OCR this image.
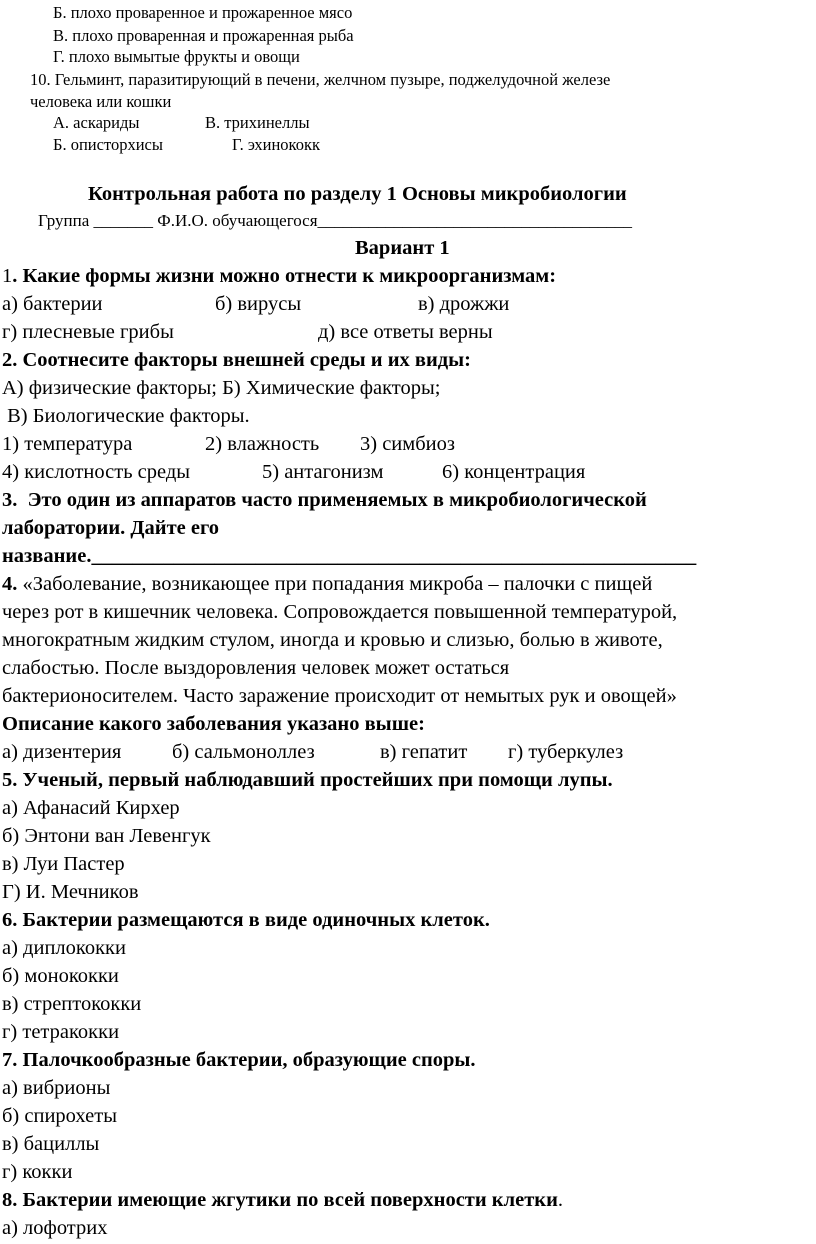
Б. плохо проваренное и прожаренное мясо
В. плохо проваренная и прожаренная рыба
Г. плохо вымытые фрукты и овощи
10. Гельминт, паразитирующий в печени, желчном пузыре, поджелудочной железе
человека или кошки
А. аскариды	В. трихинеллы
Б. описторхисы	Г. эхинококк
Контрольная работа по разделу 1 Основы микробиологии
Группа _______ Ф.И.О. обучающегося_____________________________________
Вариант 1
1. Какие формы жизни можно отнести к микроорганизмам:
а) бактерии	б) вирусы	в) дрожжи
г) плесневые грибы	д) все ответы верны
2. Соотнесите факторы внешней среды и их виды:
А) физические факторы; Б) Химические факторы;
В) Биологические факторы.
1) температура	2) влажность 3) симбиоз
4) кислотность среды	5) антагонизм	6) концентрация
3.  Это один из аппаратов часто применяемых в микробиологической
лаборатории. Дайте его
название.___________________________________________________________
4. «Заболевание, возникающее при попадания микроба – палочки с пищей
через рот в кишечник человека. Сопровождается повышенной температурой,
многократным жидким стулом, иногда и кровью и слизью, болью в животе,
слабостью. После выздоровления человек может остаться
бактерионосителем. Часто заражение происходит от немытых рук и овощей»
Описание какого заболевания указано выше:
а) дизентерия б) сальмоноллез	в) гепатит г) туберкулез
5. Ученый, первый наблюдавший простейших при помощи лупы.
а) Афанасий Кирхер
б) Энтони ван Левенгук
в) Луи Пастер
Г) И. Мечников
6. Бактерии размещаются в виде одиночных клеток.
а) диплококки
б) монококки
в) стрептококки
г) тетракокки
7. Палочкообразные бактерии, образующие споры.
а) вибрионы
б) спирохеты
в) бациллы
г) кокки
8. Бактерии имеющие жгутики по всей поверхности клетки.
а) лофотрих
